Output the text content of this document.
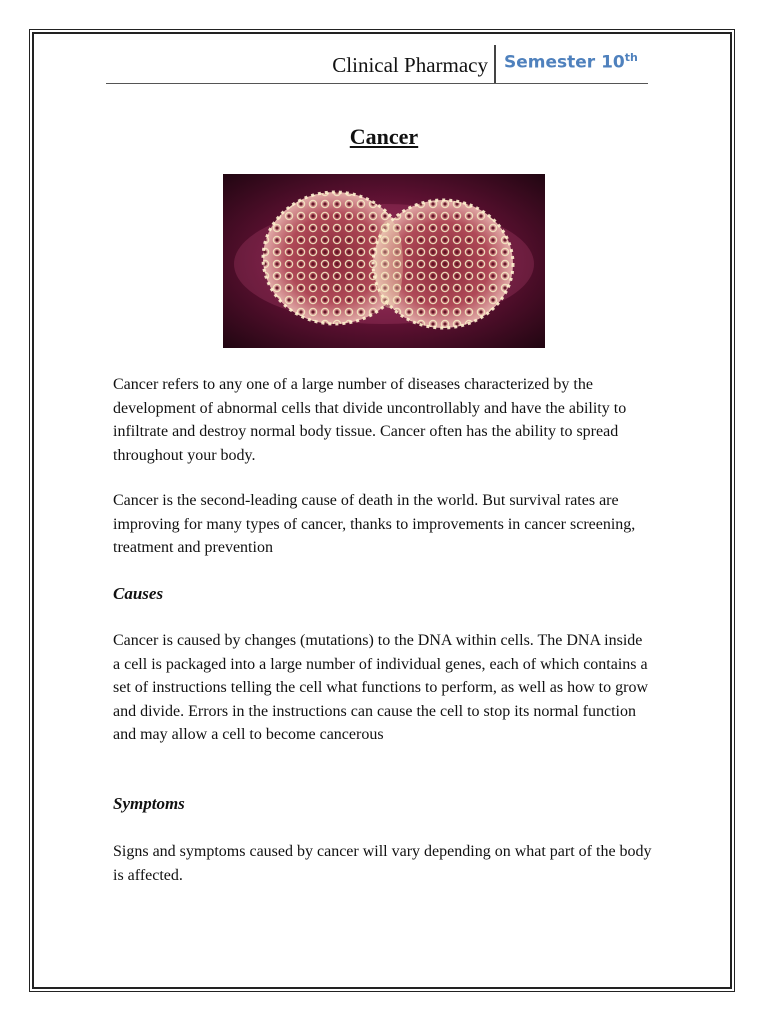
Clinical Pharmacy Semester 10th
Cancer
Cancer refers to any one of a large number of diseases characterized by the development of abnormal cells that divide uncontrollably and have the ability to infiltrate and destroy normal body tissue. Cancer often has the ability to spread throughout your body.
Cancer is the second-leading cause of death in the world. But survival rates are improving for many types of cancer, thanks to improvements in cancer screening, treatment and prevention
Causes
Cancer is caused by changes (mutations) to the DNA within cells. The DNA inside a cell is packaged into a large number of individual genes, each of which contains a set of instructions telling the cell what functions to perform, as well as how to grow and divide. Errors in the instructions can cause the cell to stop its normal function and may allow a cell to become cancerous
Symptoms
Signs and symptoms caused by cancer will vary depending on what part of the body is affected.
